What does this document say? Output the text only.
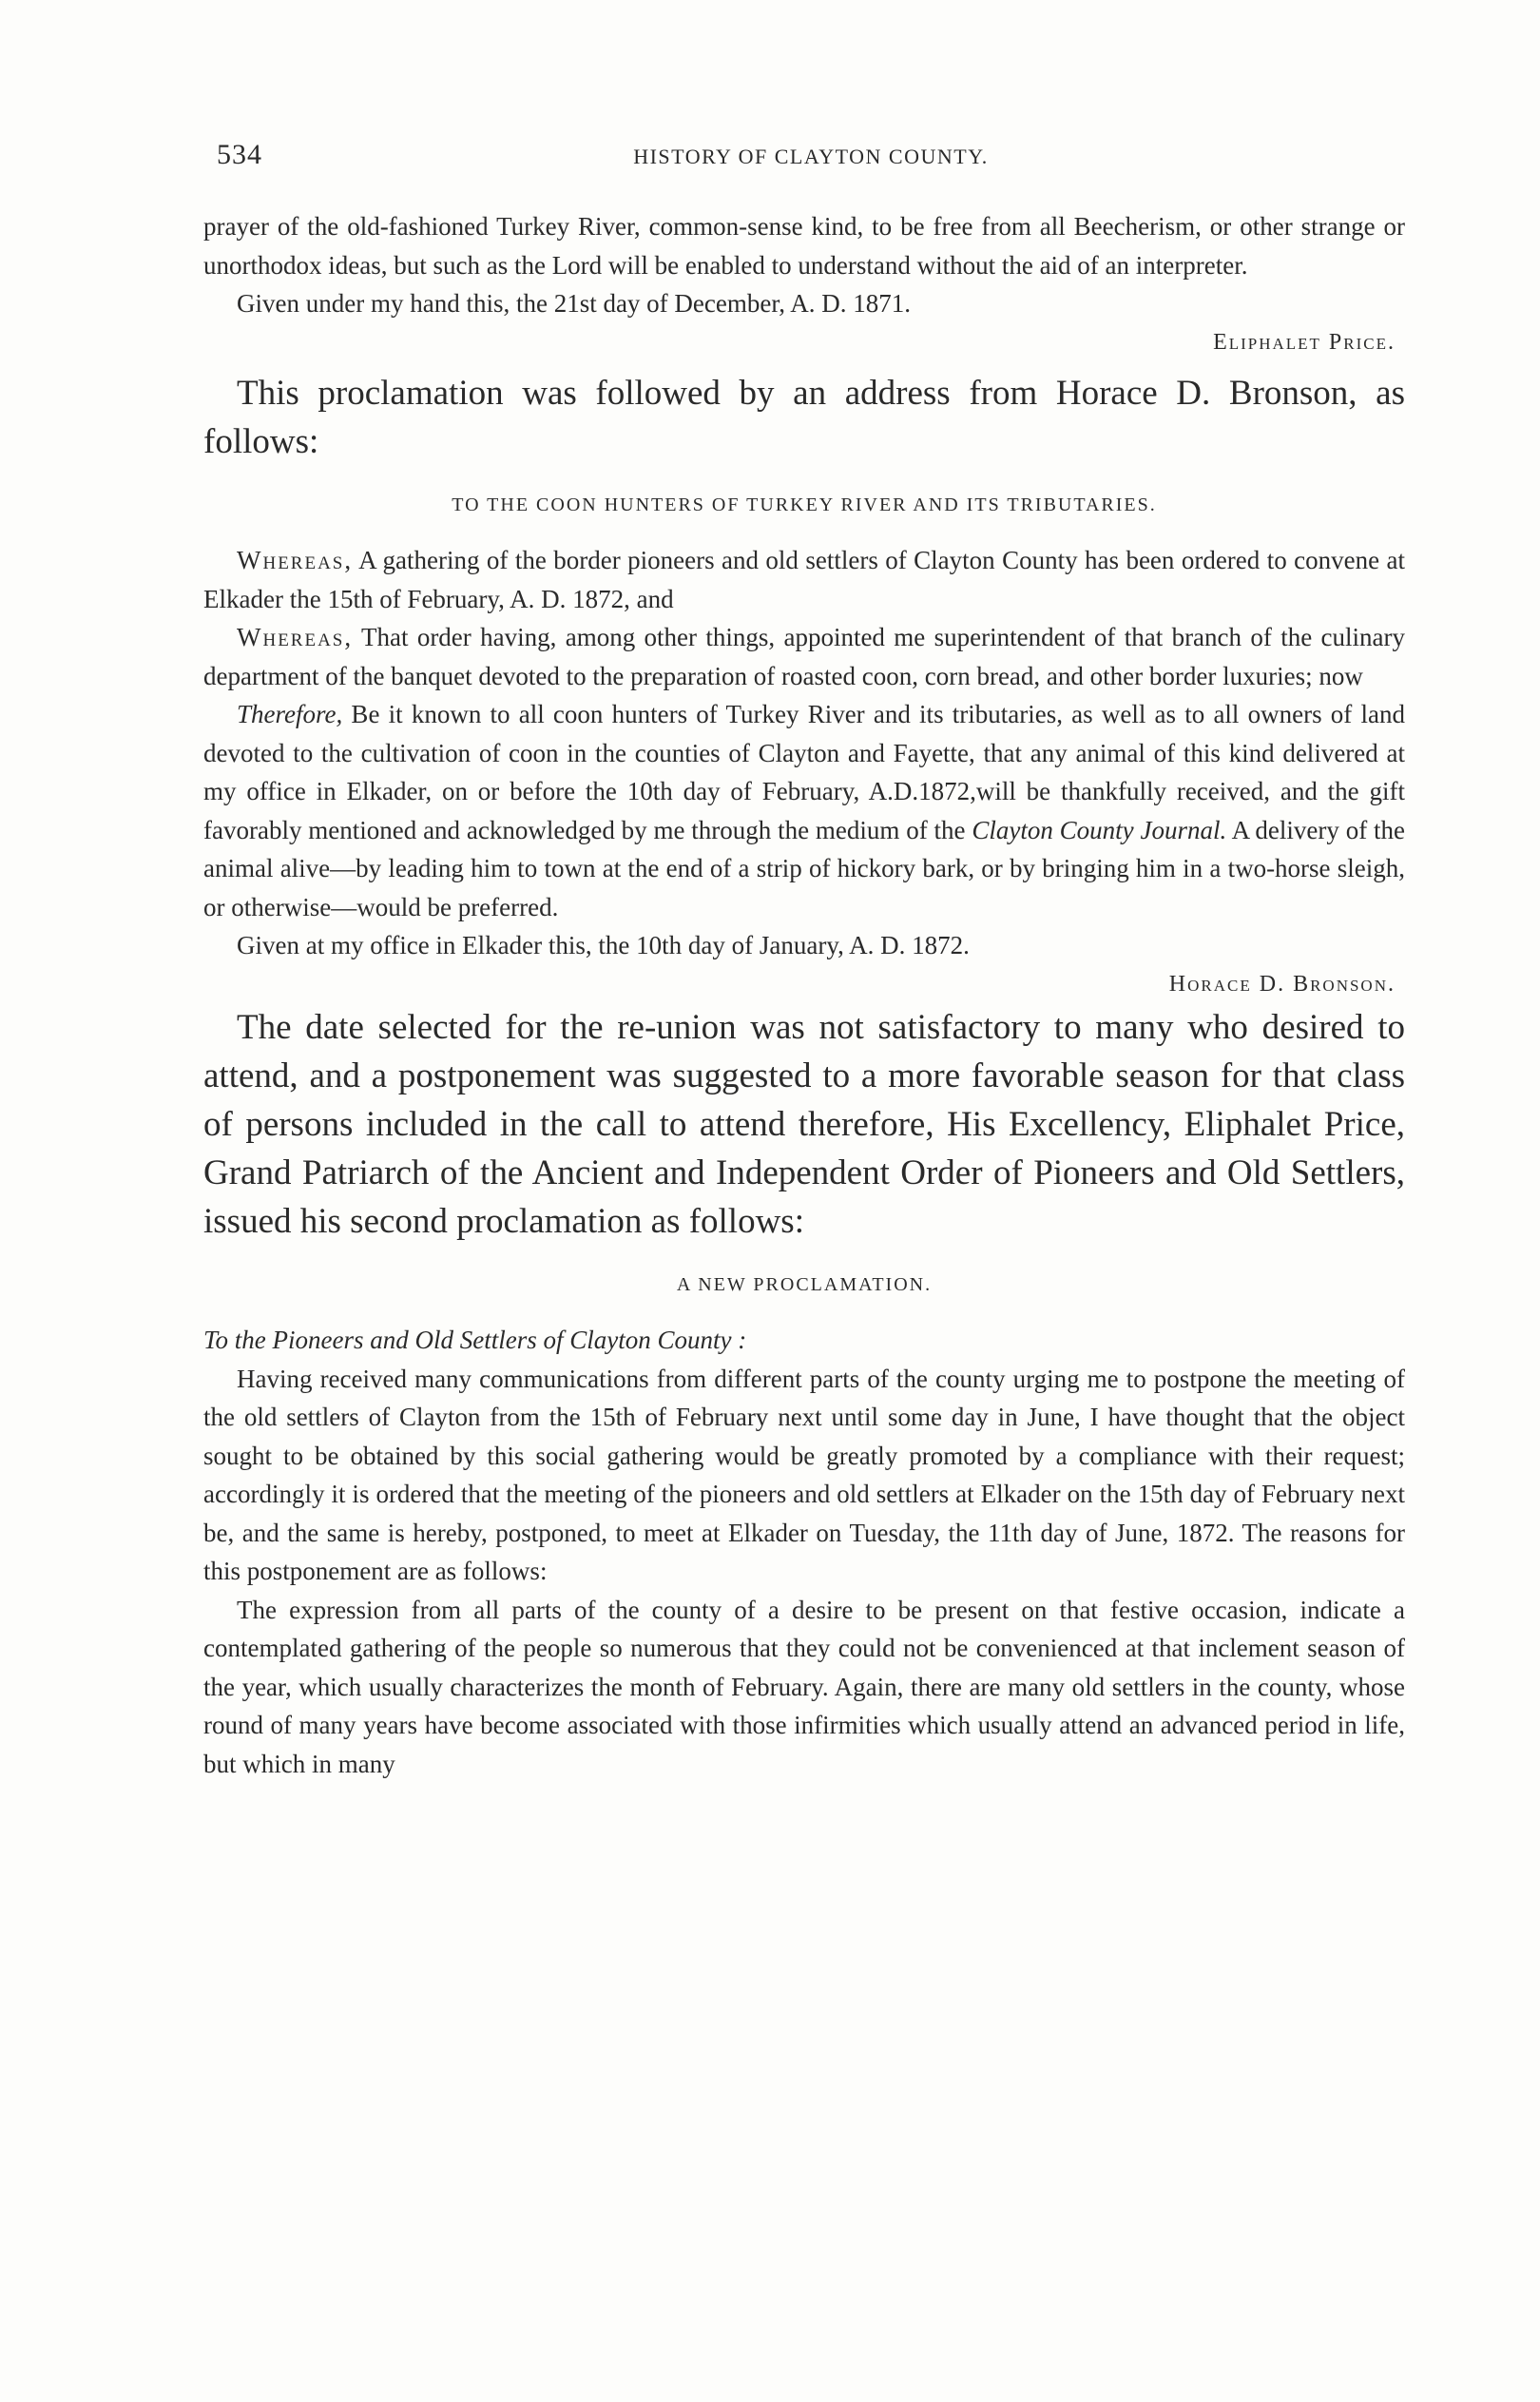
534	HISTORY OF CLAYTON COUNTY.

prayer of the old-fashioned Turkey River, common-sense kind, to be free from all Beecherism, or other strange or unorthodox ideas, but such as the Lord will be enabled to understand without the aid of an interpreter.

Given under my hand this, the 21st day of December, A. D. 1871.

Eliphalet Price.

This proclamation was followed by an address from Horace D. Bronson, as follows:

TO THE COON HUNTERS OF TURKEY RIVER AND ITS TRIBUTARIES.

Whereas, A gathering of the border pioneers and old settlers of Clayton County has been ordered to convene at Elkader the 15th of February, A. D. 1872, and

Whereas, That order having, among other things, appointed me superintendent of that branch of the culinary department of the banquet devoted to the preparation of roasted coon, corn bread, and other border luxuries; now

Therefore, Be it known to all coon hunters of Turkey River and its tributaries, as well as to all owners of land devoted to the cultivation of coon in the counties of Clayton and Fayette, that any animal of this kind delivered at my office in Elkader, on or before the 10th day of February, A.D.1872,will be thankfully received, and the gift favorably mentioned and acknowledged by me through the medium of the Clayton County Journal. A delivery of the animal alive—by leading him to town at the end of a strip of hickory bark, or by bringing him in a two-horse sleigh, or otherwise—would be preferred.

Given at my office in Elkader this, the 10th day of January, A. D. 1872.

Horace D. Bronson.

The date selected for the re-union was not satisfactory to many who desired to attend, and a postponement was suggested to a more favorable season for that class of persons included in the call to attend therefore, His Excellency, Eliphalet Price, Grand Patriarch of the Ancient and Independent Order of Pioneers and Old Settlers, issued his second proclamation as follows:

A NEW PROCLAMATION.

To the Pioneers and Old Settlers of Clayton County :

Having received many communications from different parts of the county urging me to postpone the meeting of the old settlers of Clayton from the 15th of February next until some day in June, I have thought that the object sought to be obtained by this social gathering would be greatly promoted by a compliance with their request; accordingly it is ordered that the meeting of the pioneers and old settlers at Elkader on the 15th day of February next be, and the same is hereby, postponed, to meet at Elkader on Tuesday, the 11th day of June, 1872. The reasons for this postponement are as follows:

The expression from all parts of the county of a desire to be present on that festive occasion, indicate a contemplated gathering of the people so numerous that they could not be convenienced at that inclement season of the year, which usually characterizes the month of February. Again, there are many old settlers in the county, whose round of many years have become associated with those infirmities which usually attend an advanced period in life, but which in many
